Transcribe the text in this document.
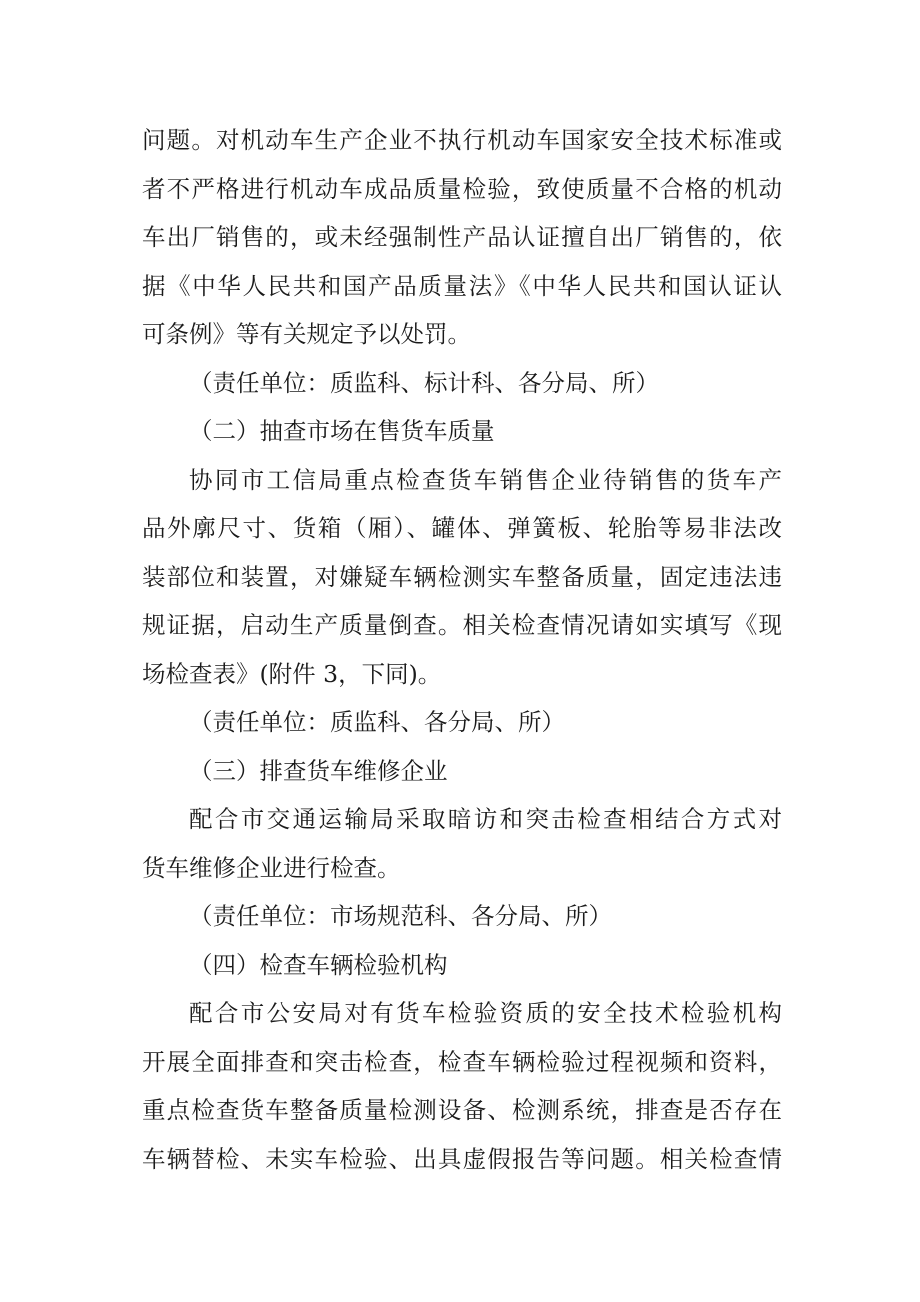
问题。对机动车生产企业不执行机动车国家安全技术标准或
者不严格进行机动车成品质量检验，致使质量不合格的机动
车出厂销售的，或未经强制性产品认证擅自出厂销售的，依
据《中华人民共和国产品质量法》《中华人民共和国认证认
可条例》等有关规定予以处罚。
（责任单位：质监科、标计科、各分局、所）
（二）抽查市场在售货车质量
协同市工信局重点检查货车销售企业待销售的货车产
品外廓尺寸、货箱（厢）、罐体、弹簧板、轮胎等易非法改
装部位和装置，对嫌疑车辆检测实车整备质量，固定违法违
规证据，启动生产质量倒查。相关检查情况请如实填写《现
场检查表》(附件 3，下同)。
（责任单位：质监科、各分局、所）
（三）排查货车维修企业
配合市交通运输局采取暗访和突击检查相结合方式对
货车维修企业进行检查。
（责任单位：市场规范科、各分局、所）
（四）检查车辆检验机构
配合市公安局对有货车检验资质的安全技术检验机构
开展全面排查和突击检查，检查车辆检验过程视频和资料，
重点检查货车整备质量检测设备、检测系统，排查是否存在
车辆替检、未实车检验、出具虚假报告等问题。相关检查情
